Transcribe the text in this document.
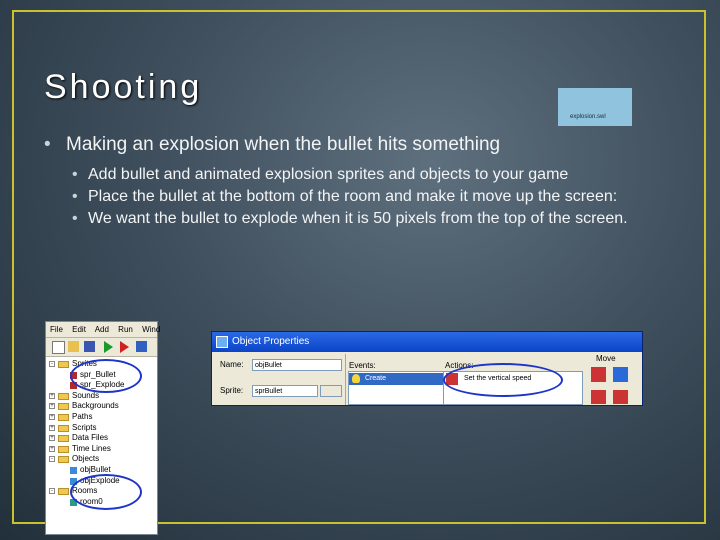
Shooting
explosion.swl
• Making an explosion when the bullet hits something
• Add bullet and animated explosion sprites and objects to your game
• Place the bullet at the bottom of the room and make it move up the screen:
• We want the bullet to explode when it is 50 pixels from the top of the screen.
File Edit Add Run Wind
- Sprites
spr_Bullet
spr_Explode
+ Sounds
+ Backgrounds
+ Paths
+ Scripts
+ Data Files
+ Time Lines
- Objects
objBullet
objExplode
- Rooms
room0
Object Properties
Name:	objBullet
Sprite:	sprBullet
Events:
Create
Actions:
Set the vertical speed
Move
